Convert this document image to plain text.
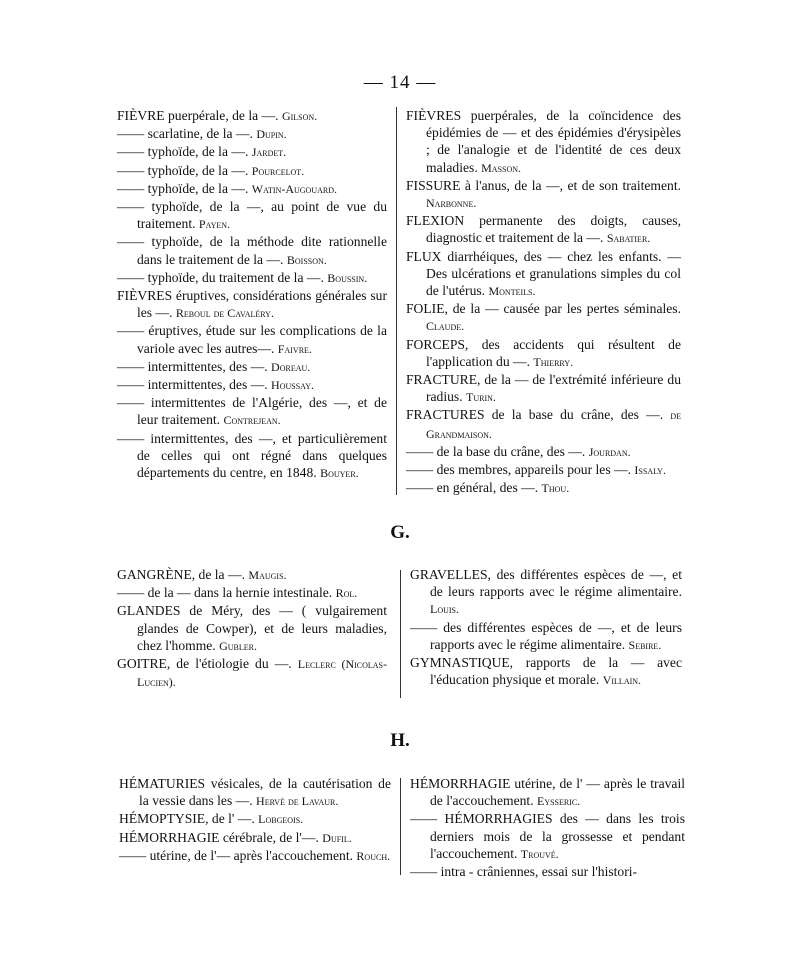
— 14 —

FIÈVRE puerpérale, de la —. Gilson.

—— scarlatine, de la —. Dupin.

—— typhoïde, de la —. Jardet.

—— typhoïde, de la —. Pourcelot.

—— typhoïde, de la —. Watin-Augouard.

—— typhoïde, de la —, au point de vue du traitement. Payen.

—— typhoïde, de la méthode dite rationnelle dans le traitement de la —. Boisson.

—— typhoïde, du traitement de la —. Boussin.

FIÈVRES éruptives, considérations générales sur les —. Reboul de Cavaléry.

—— éruptives, étude sur les complications de la variole avec les autres—. Faivre.

—— intermittentes, des —. Doreau.

—— intermittentes, des —. Houssay.

—— intermittentes de l'Algérie, des —, et de leur traitement. Contrejean.

—— intermittentes, des —, et particulièrement de celles qui ont régné dans quelques départements du centre, en 1848. Bouyer.

FIÈVRES puerpérales, de la coïncidence des épidémies de — et des épidémies d'érysipèles ; de l'analogie et de l'identité de ces deux maladies. Masson.

FISSURE à l'anus, de la —, et de son traitement. Narbonne.

FLEXION permanente des doigts, causes, diagnostic et traitement de la —. Sabatier.

FLUX diarrhéiques, des — chez les enfants. —Des ulcérations et granulations simples du col de l'utérus. Monteils.

FOLIE, de la — causée par les pertes séminales. Claude.

FORCEPS, des accidents qui résultent de l'application du —. Thierry.

FRACTURE, de la — de l'extrémité inférieure du radius. Turin.

FRACTURES de la base du crâne, des —. de Grandmaison.

—— de la base du crâne, des —. Jourdan.

—— des membres, appareils pour les —. Issaly.

—— en général, des —. Thou.

G.

GANGRÈNE, de la —. Maugis.

—— de la — dans la hernie intestinale. Rol.

GLANDES de Méry, des — ( vulgairement glandes de Cowper), et de leurs maladies, chez l'homme. Gubler.

GOITRE, de l'étiologie du —. Leclerc (Nicolas-Lucien).

GRAVELLES, des différentes espèces de —, et de leurs rapports avec le régime alimentaire. Louis.

—— des différentes espèces de —, et de leurs rapports avec le régime alimentaire. Sebire.

GYMNASTIQUE, rapports de la — avec l'éducation physique et morale. Villain.

H.

HÉMATURIES vésicales, de la cautérisation de la vessie dans les —. Hervé de Lavaur.

HÉMOPTYSIE, de l' —. Lobgeois.

HÉMORRHAGIE cérébrale, de l'—. Dufil.

—— utérine, de l'— après l'accouchement. Rouch.

HÉMORRHAGIE utérine, de l' — après le travail de l'accouchement. Eysseric.

—— HÉMORRHAGIES des — dans les trois derniers mois de la grossesse et pendant l'accouchement. Trouvé.

—— intra - crâniennes, essai sur l'histori-
